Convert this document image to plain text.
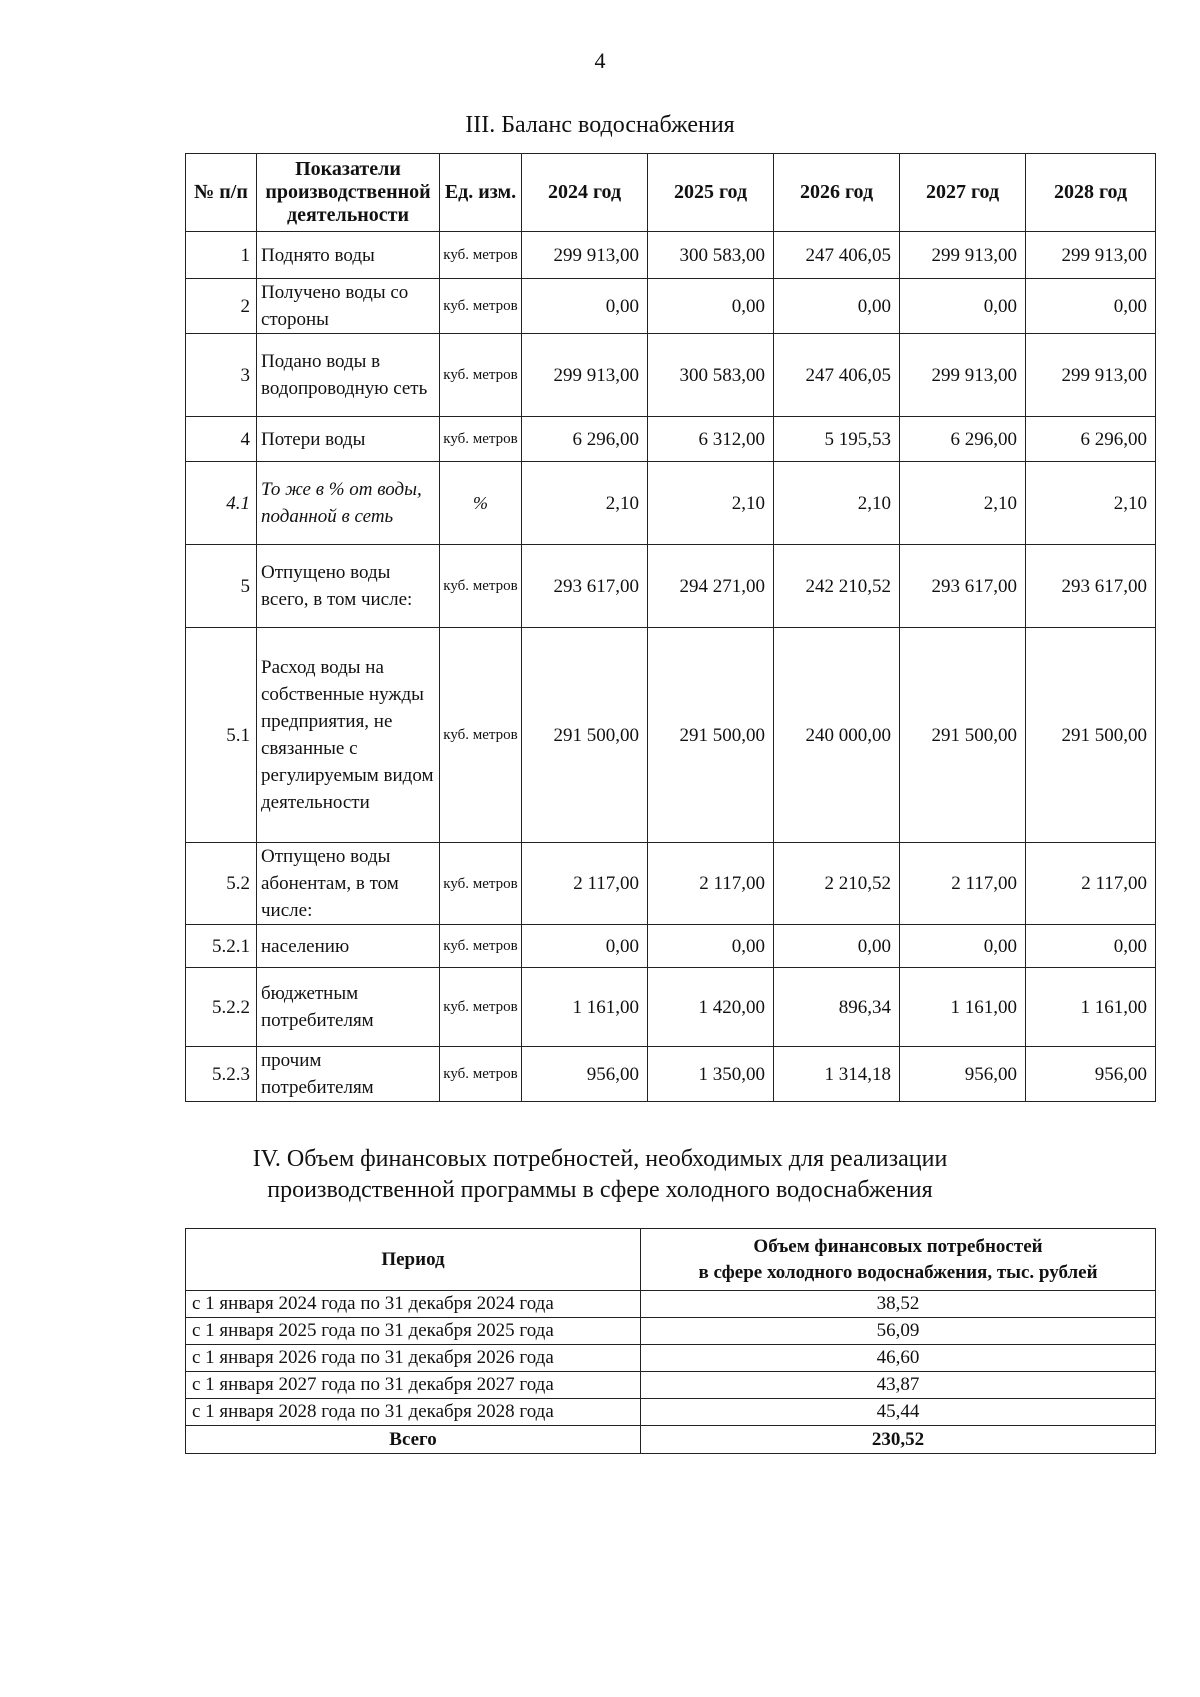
4
III. Баланс водоснабжения
№ п/п	Показатели производственной деятельности	Ед. изм.	2024 год	2025 год	2026 год	2027 год	2028 год
1	Поднято воды	куб. метров	299 913,00	300 583,00	247 406,05	299 913,00	299 913,00
2	Получено воды со стороны	куб. метров	0,00	0,00	0,00	0,00	0,00
3	Подано воды в водопроводную сеть	куб. метров	299 913,00	300 583,00	247 406,05	299 913,00	299 913,00
4	Потери воды	куб. метров	6 296,00	6 312,00	5 195,53	6 296,00	6 296,00
4.1	То же в % от воды, поданной в сеть	%	2,10	2,10	2,10	2,10	2,10
5	Отпущено воды всего, в том числе:	куб. метров	293 617,00	294 271,00	242 210,52	293 617,00	293 617,00
5.1	Расход воды на собственные нужды предприятия, не связанные с регулируемым видом деятельности	куб. метров	291 500,00	291 500,00	240 000,00	291 500,00	291 500,00
5.2	Отпущено воды абонентам, в том числе:	куб. метров	2 117,00	2 117,00	2 210,52	2 117,00	2 117,00
5.2.1	населению	куб. метров	0,00	0,00	0,00	0,00	0,00
5.2.2	бюджетным потребителям	куб. метров	1 161,00	1 420,00	896,34	1 161,00	1 161,00
5.2.3	прочим потребителям	куб. метров	956,00	1 350,00	1 314,18	956,00	956,00
IV. Объем финансовых потребностей, необходимых для реализации
производственной программы в сфере холодного водоснабжения
Период	Объем финансовых потребностей
в сфере холодного водоснабжения, тыс. рублей

с 1 января 2024 года по 31 декабря 2024 года	38,52
с 1 января 2025 года по 31 декабря 2025 года	56,09
с 1 января 2026 года по 31 декабря 2026 года	46,60
с 1 января 2027 года по 31 декабря 2027 года	43,87
с 1 января 2028 года по 31 декабря 2028 года	45,44
Всего	230,52
